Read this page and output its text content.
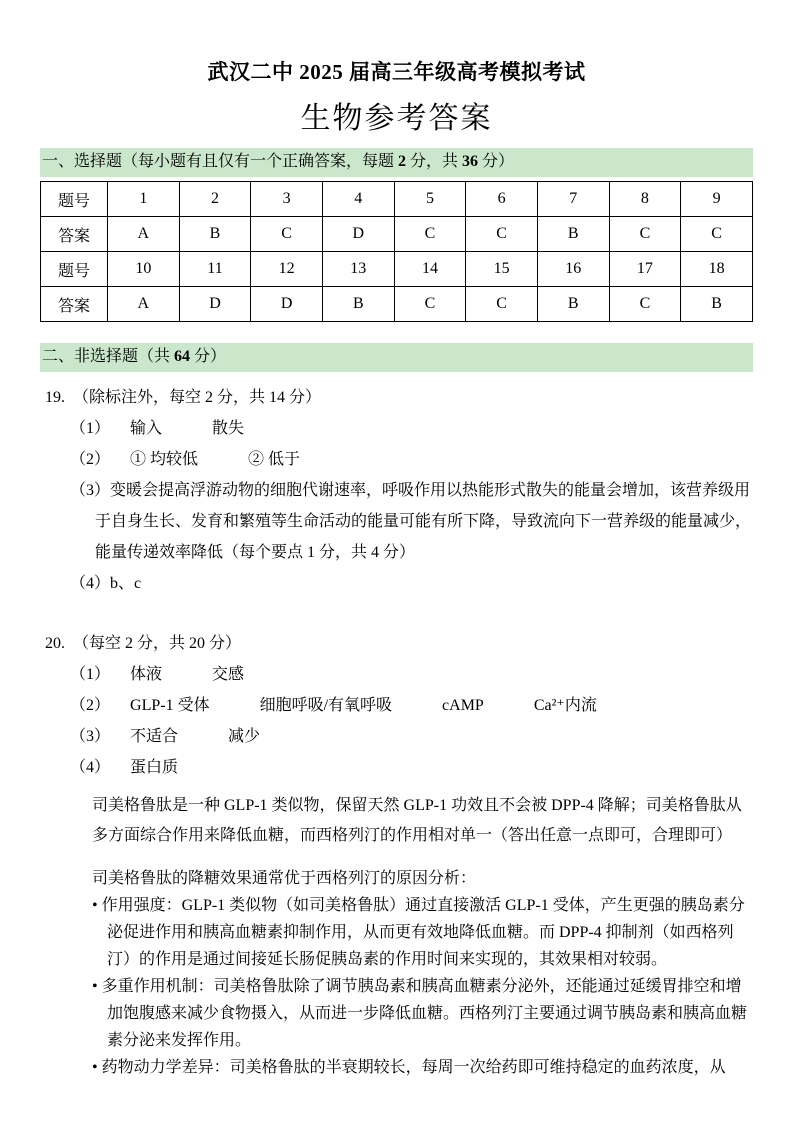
武汉二中 2025 届高三年级高考模拟考试
生物参考答案
一、选择题（每小题有且仅有一个正确答案，每题 2 分，共 36 分）
题号	1	2	3	4	5	6	7	8	9
答案	A	B	C	D	C	C	B	C	C
题号	10	11	12	13	14	15	16	17	18
答案	A	D	D	B	C	C	B	C	B
二、非选择题（共 64 分）
19. （除标注外，每空 2 分，共 14 分）
（1） 输入	散失
（2） ① 均较低	② 低于
（3）变暖会提高浮游动物的细胞代谢速率，呼吸作用以热能形式散失的能量会增加，该营养级用于自身生长、发育和繁殖等生命活动的能量可能有所下降，导致流向下一营养级的能量减少，能量传递效率降低（每个要点 1 分，共 4 分）
（4）b、c
20. （每空 2 分，共 20 分）
（1） 体液	交感
（2） GLP-1 受体	细胞呼吸/有氧呼吸	cAMP	Ca²⁺内流
（3） 不适合	减少
（4） 蛋白质
司美格鲁肽是一种 GLP-1 类似物，保留天然 GLP-1 功效且不会被 DPP-4 降解；司美格鲁肽从多方面综合作用来降低血糖，而西格列汀的作用相对单一（答出任意一点即可，合理即可）
司美格鲁肽的降糖效果通常优于西格列汀的原因分析：
• 作用强度：GLP-1 类似物（如司美格鲁肽）通过直接激活 GLP-1 受体，产生更强的胰岛素分泌促进作用和胰高血糖素抑制作用，从而更有效地降低血糖。而 DPP-4 抑制剂（如西格列汀）的作用是通过间接延长肠促胰岛素的作用时间来实现的，其效果相对较弱。
• 多重作用机制：司美格鲁肽除了调节胰岛素和胰高血糖素分泌外，还能通过延缓胃排空和增加饱腹感来减少食物摄入，从而进一步降低血糖。西格列汀主要通过调节胰岛素和胰高血糖素分泌来发挥作用。
• 药物动力学差异：司美格鲁肽的半衰期较长，每周一次给药即可维持稳定的血药浓度，从
